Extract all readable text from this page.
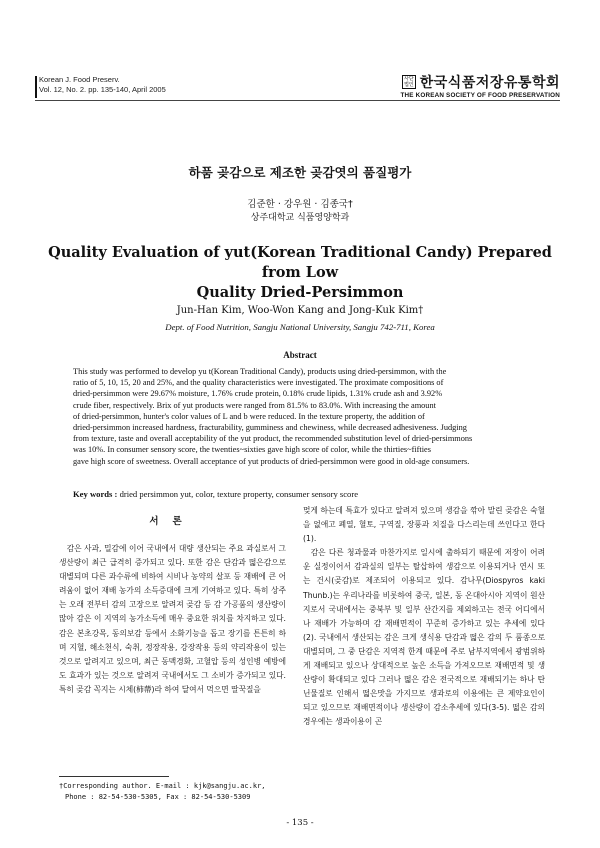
Korean J. Food Preserv.
Vol. 12, No. 2. pp. 135-140, April 2005
사단
법인 한국식품저장유통학회
THE KOREAN SOCIETY OF FOOD PRESERVATION
하품 곶감으로 제조한 곶감엿의 품질평가
김준한 · 강우원 · 김종국†
상주대학교 식품영양학과
Quality Evaluation of yut(Korean Traditional Candy) Prepared from Low
Quality Dried-Persimmon
Jun-Han Kim, Woo-Won Kang and Jong-Kuk Kim†
Dept. of Food Nutrition, Sangju National University, Sangju 742-711, Korea
Abstract
This study was performed to develop yu t(Korean Traditional Candy), products using dried-persimmon, with the
ratio of 5, 10, 15, 20 and 25%, and the quality characteristics were investigated. The proximate compositions of
dried-persimmon were 29.67% moisture, 1.76% crude protein, 0.18% crude lipids, 1.31% crude ash and 3.92%
crude fiber, respectively. Brix of yut products were ranged from 81.5% to 83.0%. With increasing the amount
of dried-persimmon, hunter's color values of L and b were reduced. In the texture property, the addition of
dried-persimmon increased hardness, fracturability, gumminess and chewiness, while decreased adhesiveness. Judging
from texture, taste and overall acceptability of the yut product, the recommended substitution level of dried-persimmons
was 10%. In consumer sensory score, the twenties~sixties gave high score of color, while the thirties~fifties
gave high score of sweetness. Overall acceptance of yut products of dried-persimmon were good in old-age consumers.
Key words : dried persimmon yut, color, texture property, consumer sensory score
서론

감은 사과, 밀감에 이어 국내에서 대량 생산되는 주요 과실로서 그 생산량이 최근 급격히 증가되고 있다. 또한 감은 단감과 떫은감으로 대별되며 다른 과수류에 비하여 시비나 농약의 살포 등 재배에 큰 어려움이 없어 재배 농가의 소득증대에 크게 기여하고 있다. 특히 상주는 오래 전부터 감의 고장으로 알려져 곶감 등 감 가공품의 생산량이 많아 감은 이 지역의 농가소득에 매우 중요한 위치를 차지하고 있다. 감은 본초강목, 동의보감 등에서 소화기능을 돕고 장기를 튼튼히 하며 지혈, 해소천식, 숙취, 정장작용, 강장작용 등의 약리작용이 있는 것으로 알려지고 있으며, 최근 동맥경화, 고혈압 등의 성인병 예방에도 효과가 있는 것으로 알려져 국내에서도 그 소비가 증가되고 있다. 특히 곶감 꼭지는 시체(柿蔕)라 하여 달여서 먹으면 딸꾹질을

멎게 하는데 특효가 있다고 알려져 있으며 생감을 깎아 말린 곶감은 숙혈을 없애고 폐열, 혈토, 구역질, 장풍과 치질을 다스리는데 쓰인다고 한다(1).

감은 다른 청과물과 마찬가지로 일시에 출하되기 때문에 저장이 어려운 실정이어서 감과실의 일부는 탈삽하여 생감으로 이용되거나 연시 또는 건시(곶감)로 제조되어 이용되고 있다. 감나무(Diospyros kaki Thunb.)는 우리나라를 비롯하여 중국, 일본, 동 온대아시아 지역이 원산지로서 국내에서는 중북부 및 일부 산간지를 제외하고는 전국 어디에서나 재배가 가능하며 감 재배면적이 꾸준히 증가하고 있는 추세에 있다(2). 국내에서 생산되는 감은 크게 생식용 단감과 떫은 감의 두 품종으로 대별되며, 그 중 단감은 지역적 한계 때문에 주로 남부지역에서 광범위하게 재배되고 있으나 상대적으로 높은 소득을 가져오므로 재배면적 및 생산량이 확대되고 있다 그러나 떫은 감은 전국적으로 재배되기는 하나 탄닌물질로 인해서 떫은맛을 가지므로 생과로의 이용에는 큰 제약요인이 되고 있으므로 재배면적이나 생산량이 감소추세에 있다(3-5). 떫은 감의 경우에는 생과이용이 곤

†Corresponding author. E-mail : kjk@sangju.ac.kr,
Phone : 82-54-530-5305, Fax : 82-54-530-5309
- 135 -
